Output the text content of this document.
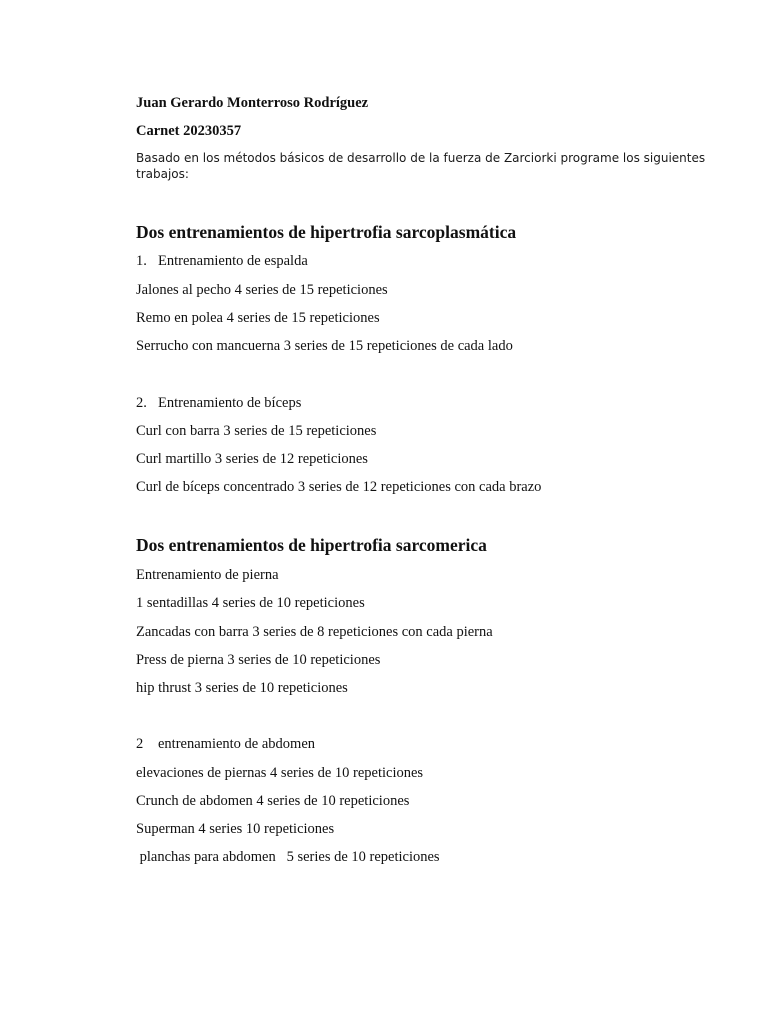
Juan Gerardo Monterroso Rodríguez
Carnet 20230357
Basado en los métodos básicos de desarrollo de la fuerza de Zarciorki programe los siguientes
trabajos:
Dos entrenamientos de hipertrofia sarcoplasmática
1. Entrenamiento de espalda
Jalones al pecho 4 series de 15 repeticiones
Remo en polea 4 series de 15 repeticiones
Serrucho con mancuerna 3 series de 15 repeticiones de cada lado
2. Entrenamiento de bíceps
Curl con barra 3 series de 15 repeticiones
Curl martillo 3 series de 12 repeticiones
Curl de bíceps concentrado 3 series de 12 repeticiones con cada brazo
Dos entrenamientos de hipertrofia sarcomerica
Entrenamiento de pierna
1 sentadillas 4 series de 10 repeticiones
Zancadas con barra 3 series de 8 repeticiones con cada pierna
Press de pierna 3 series de 10 repeticiones
hip thrust 3 series de 10 repeticiones
2 entrenamiento de abdomen
elevaciones de piernas 4 series de 10 repeticiones
Crunch de abdomen 4 series de 10 repeticiones
Superman 4 series 10 repeticiones
planchas para abdomen   5 series de 10 repeticiones
